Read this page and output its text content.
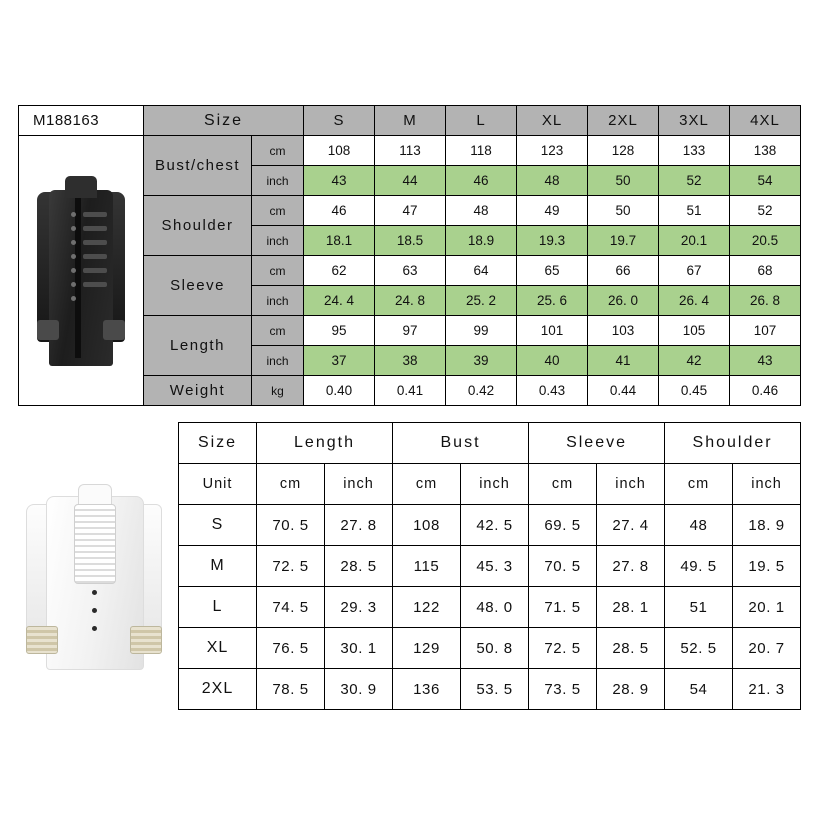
M188163	Size		S	M	L	XL	2XL	3XL	4XL

	Bust/chest	cm	108	113	118	123	128	133	138
		inch	43	44	46	48	50	52	54
	Shoulder	cm	46	47	48	49	50	51	52
		inch	18.1	18.5	18.9	19.3	19.7	20.1	20.5
	Sleeve	cm	62	63	64	65	66	67	68
		inch	24. 4	24. 8	25. 2	25. 6	26. 0	26. 4	26. 8
	Length	cm	95	97	99	101	103	105	107
		inch	37	38	39	40	41	42	43
	Weight	kg	0.40	0.41	0.42	0.43	0.44	0.45	0.46
Size	Length		Bust		Sleeve		Shoulder	
Unit	cm	inch	cm	inch	cm	inch	cm	inch
S	70. 5	27. 8	108	42. 5	69. 5	27. 4	48	18. 9
M	72. 5	28. 5	115	45. 3	70. 5	27. 8	49. 5	19. 5
L	74. 5	29. 3	122	48. 0	71. 5	28. 1	51	20. 1
XL	76. 5	30. 1	129	50. 8	72. 5	28. 5	52. 5	20. 7
2XL	78. 5	30. 9	136	53. 5	73. 5	28. 9	54	21. 3
